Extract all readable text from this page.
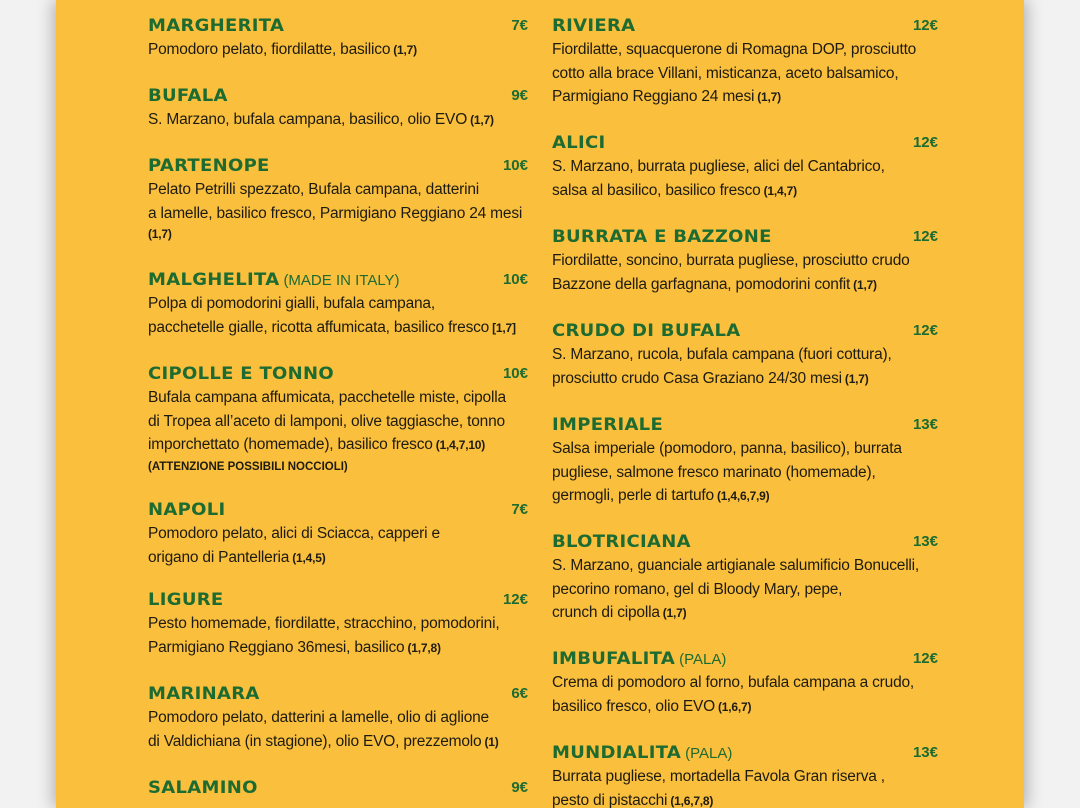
MARGHERITA	7€

Pomodoro pelato, fiordilatte, basilico (1,7)

BUFALA	9€

S. Marzano, bufala campana, basilico, olio EVO (1,7)

PARTENOPE	10€

Pelato Petrilli spezzato, Bufala campana, datterini

a lamelle, basilico fresco, Parmigiano Reggiano 24 mesi

(1,7)
MALGHELITA (MADE IN ITALY)	10€

Polpa di pomodorini gialli, bufala campana,

pacchetelle gialle, ricotta affumicata, basilico fresco [1,7]

CIPOLLE E TONNO	10€

Bufala campana affumicata, pacchetelle miste, cipolla

di Tropea all’aceto di lamponi, olive taggiasche, tonno

imporchettato (homemade), basilico fresco (1,4,7,10)

(ATTENZIONE POSSIBILI NOCCIOLI)
NAPOLI	7€

Pomodoro pelato, alici di Sciacca, capperi e

origano di Pantelleria (1,4,5)

LIGURE	12€

Pesto homemade, fiordilatte, stracchino, pomodorini,

Parmigiano Reggiano 36mesi, basilico (1,7,8)

MARINARA	6€

Pomodoro pelato, datterini a lamelle, olio di aglione

di Valdichiana (in stagione), olio EVO, prezzemolo (1)

SALAMINO	9€
RIVIERA	12€

Fiordilatte, squacquerone di Romagna DOP, prosciutto

cotto alla brace Villani, misticanza, aceto balsamico,

Parmigiano Reggiano 24 mesi (1,7)

ALICI	12€

S. Marzano, burrata pugliese, alici del Cantabrico,

salsa al basilico, basilico fresco (1,4,7)

BURRATA E BAZZONE	12€

Fiordilatte, soncino, burrata pugliese, prosciutto crudo

Bazzone della garfagnana, pomodorini confit (1,7)

CRUDO DI BUFALA	12€

S. Marzano, rucola, bufala campana (fuori cottura),

prosciutto crudo Casa Graziano 24/30 mesi (1,7)

IMPERIALE	13€

Salsa imperiale (pomodoro, panna, basilico), burrata

pugliese, salmone fresco marinato (homemade),

germogli, perle di tartufo (1,4,6,7,9)

BLOTRICIANA	13€

S. Marzano, guanciale artigianale salumificio Bonucelli,

pecorino romano, gel di Bloody Mary, pepe,

crunch di cipolla (1,7)

IMBUFALITA (PALA)	12€

Crema di pomodoro al forno, bufala campana a crudo,

basilico fresco, olio EVO (1,6,7)

MUNDIALITA (PALA)	13€

Burrata pugliese, mortadella Favola Gran riserva ,

pesto di pistacchi (1,6,7,8)
